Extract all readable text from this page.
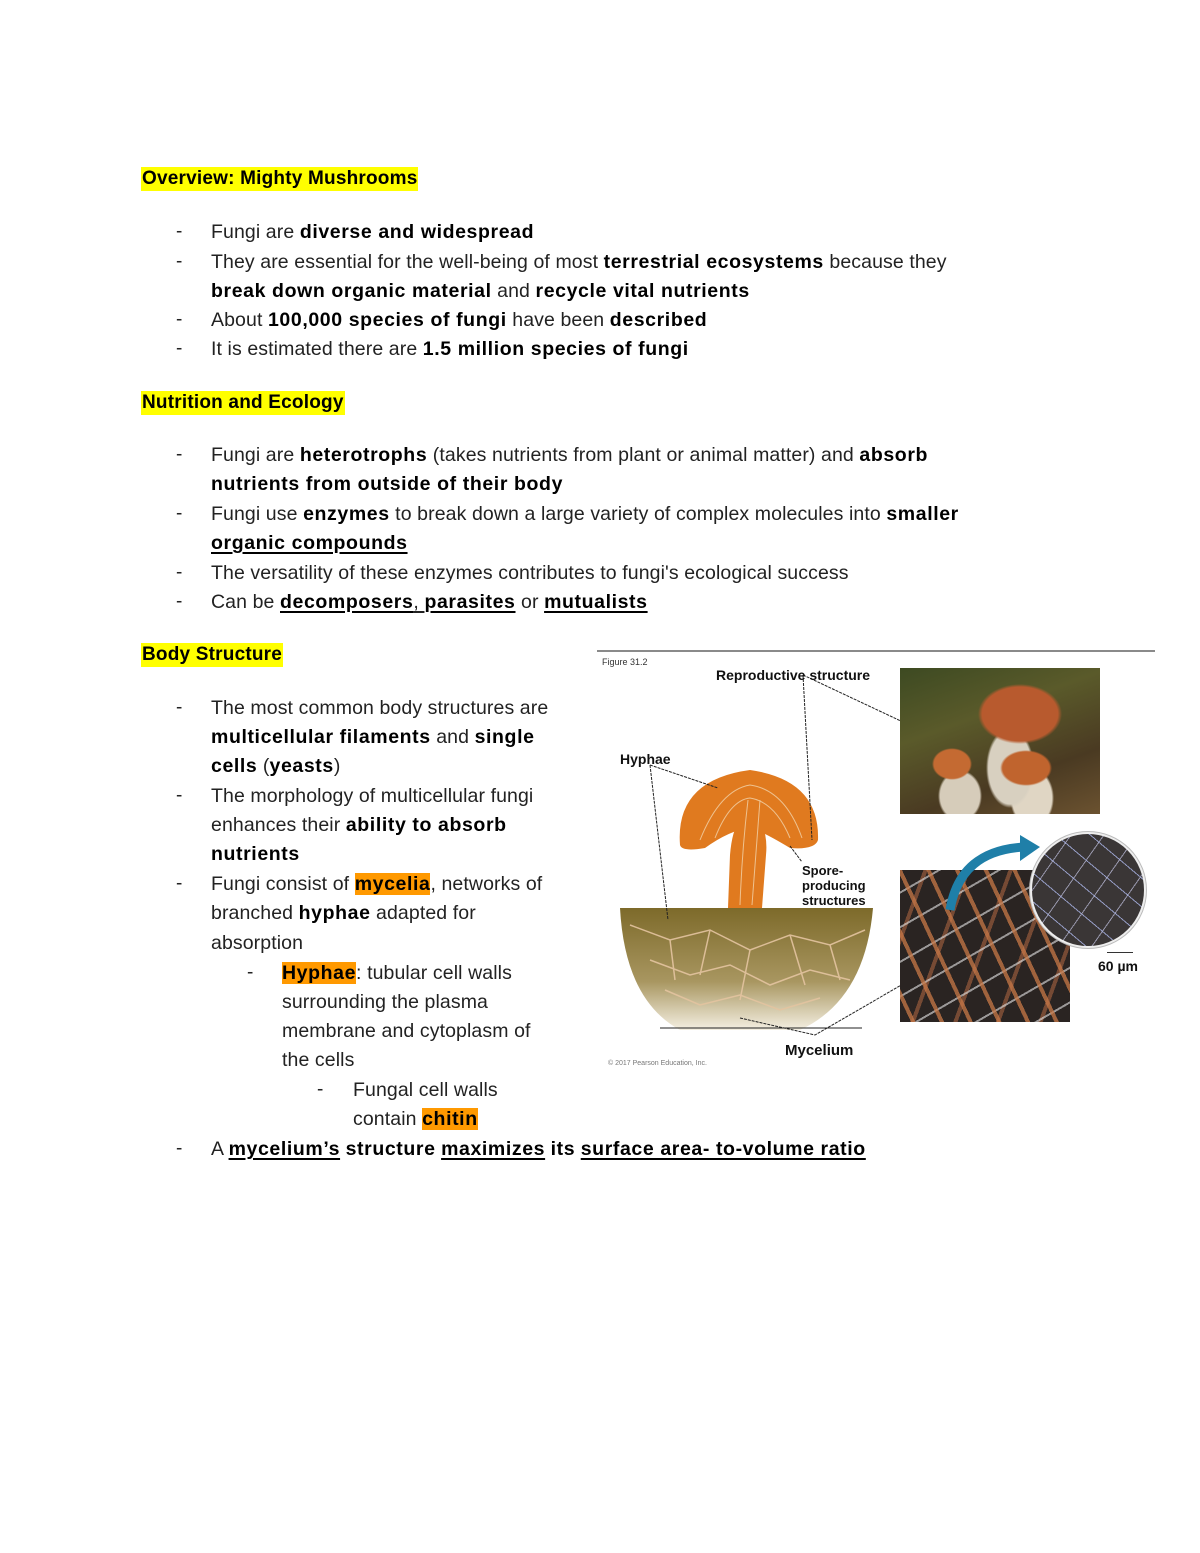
Overview: Mighty Mushrooms
- Fungi are diverse and widespread
- They are essential for the well-being of most terrestrial ecosystems because they
break down organic material and recycle vital nutrients
- About 100,000 species of fungi have been described
- It is estimated there are 1.5 million species of fungi
Nutrition and Ecology
- Fungi are heterotrophs (takes nutrients from plant or animal matter) and absorb
nutrients from outside of their body
- Fungi use enzymes to break down a large variety of complex molecules into smaller
organic compounds
- The versatility of these enzymes contributes to fungi's ecological success
- Can be decomposers, parasites or mutualists
Body Structure
- The most common body structures are
multicellular filaments and single
cells (yeasts)
- The morphology of multicellular fungi
enhances their ability to absorb
nutrients
- Fungi consist of mycelia, networks of
branched hyphae adapted for
absorption
- Hyphae: tubular cell walls
surrounding the plasma
membrane and cytoplasm of
the cells
- Fungal cell walls
contain chitin
- A mycelium’s structure maximizes its surface area- to-volume ratio
Figure 31.2
Reproductive structure
Hyphae
Spore-
producing
structures
Mycelium
60 µm
© 2017 Pearson Education, Inc.
